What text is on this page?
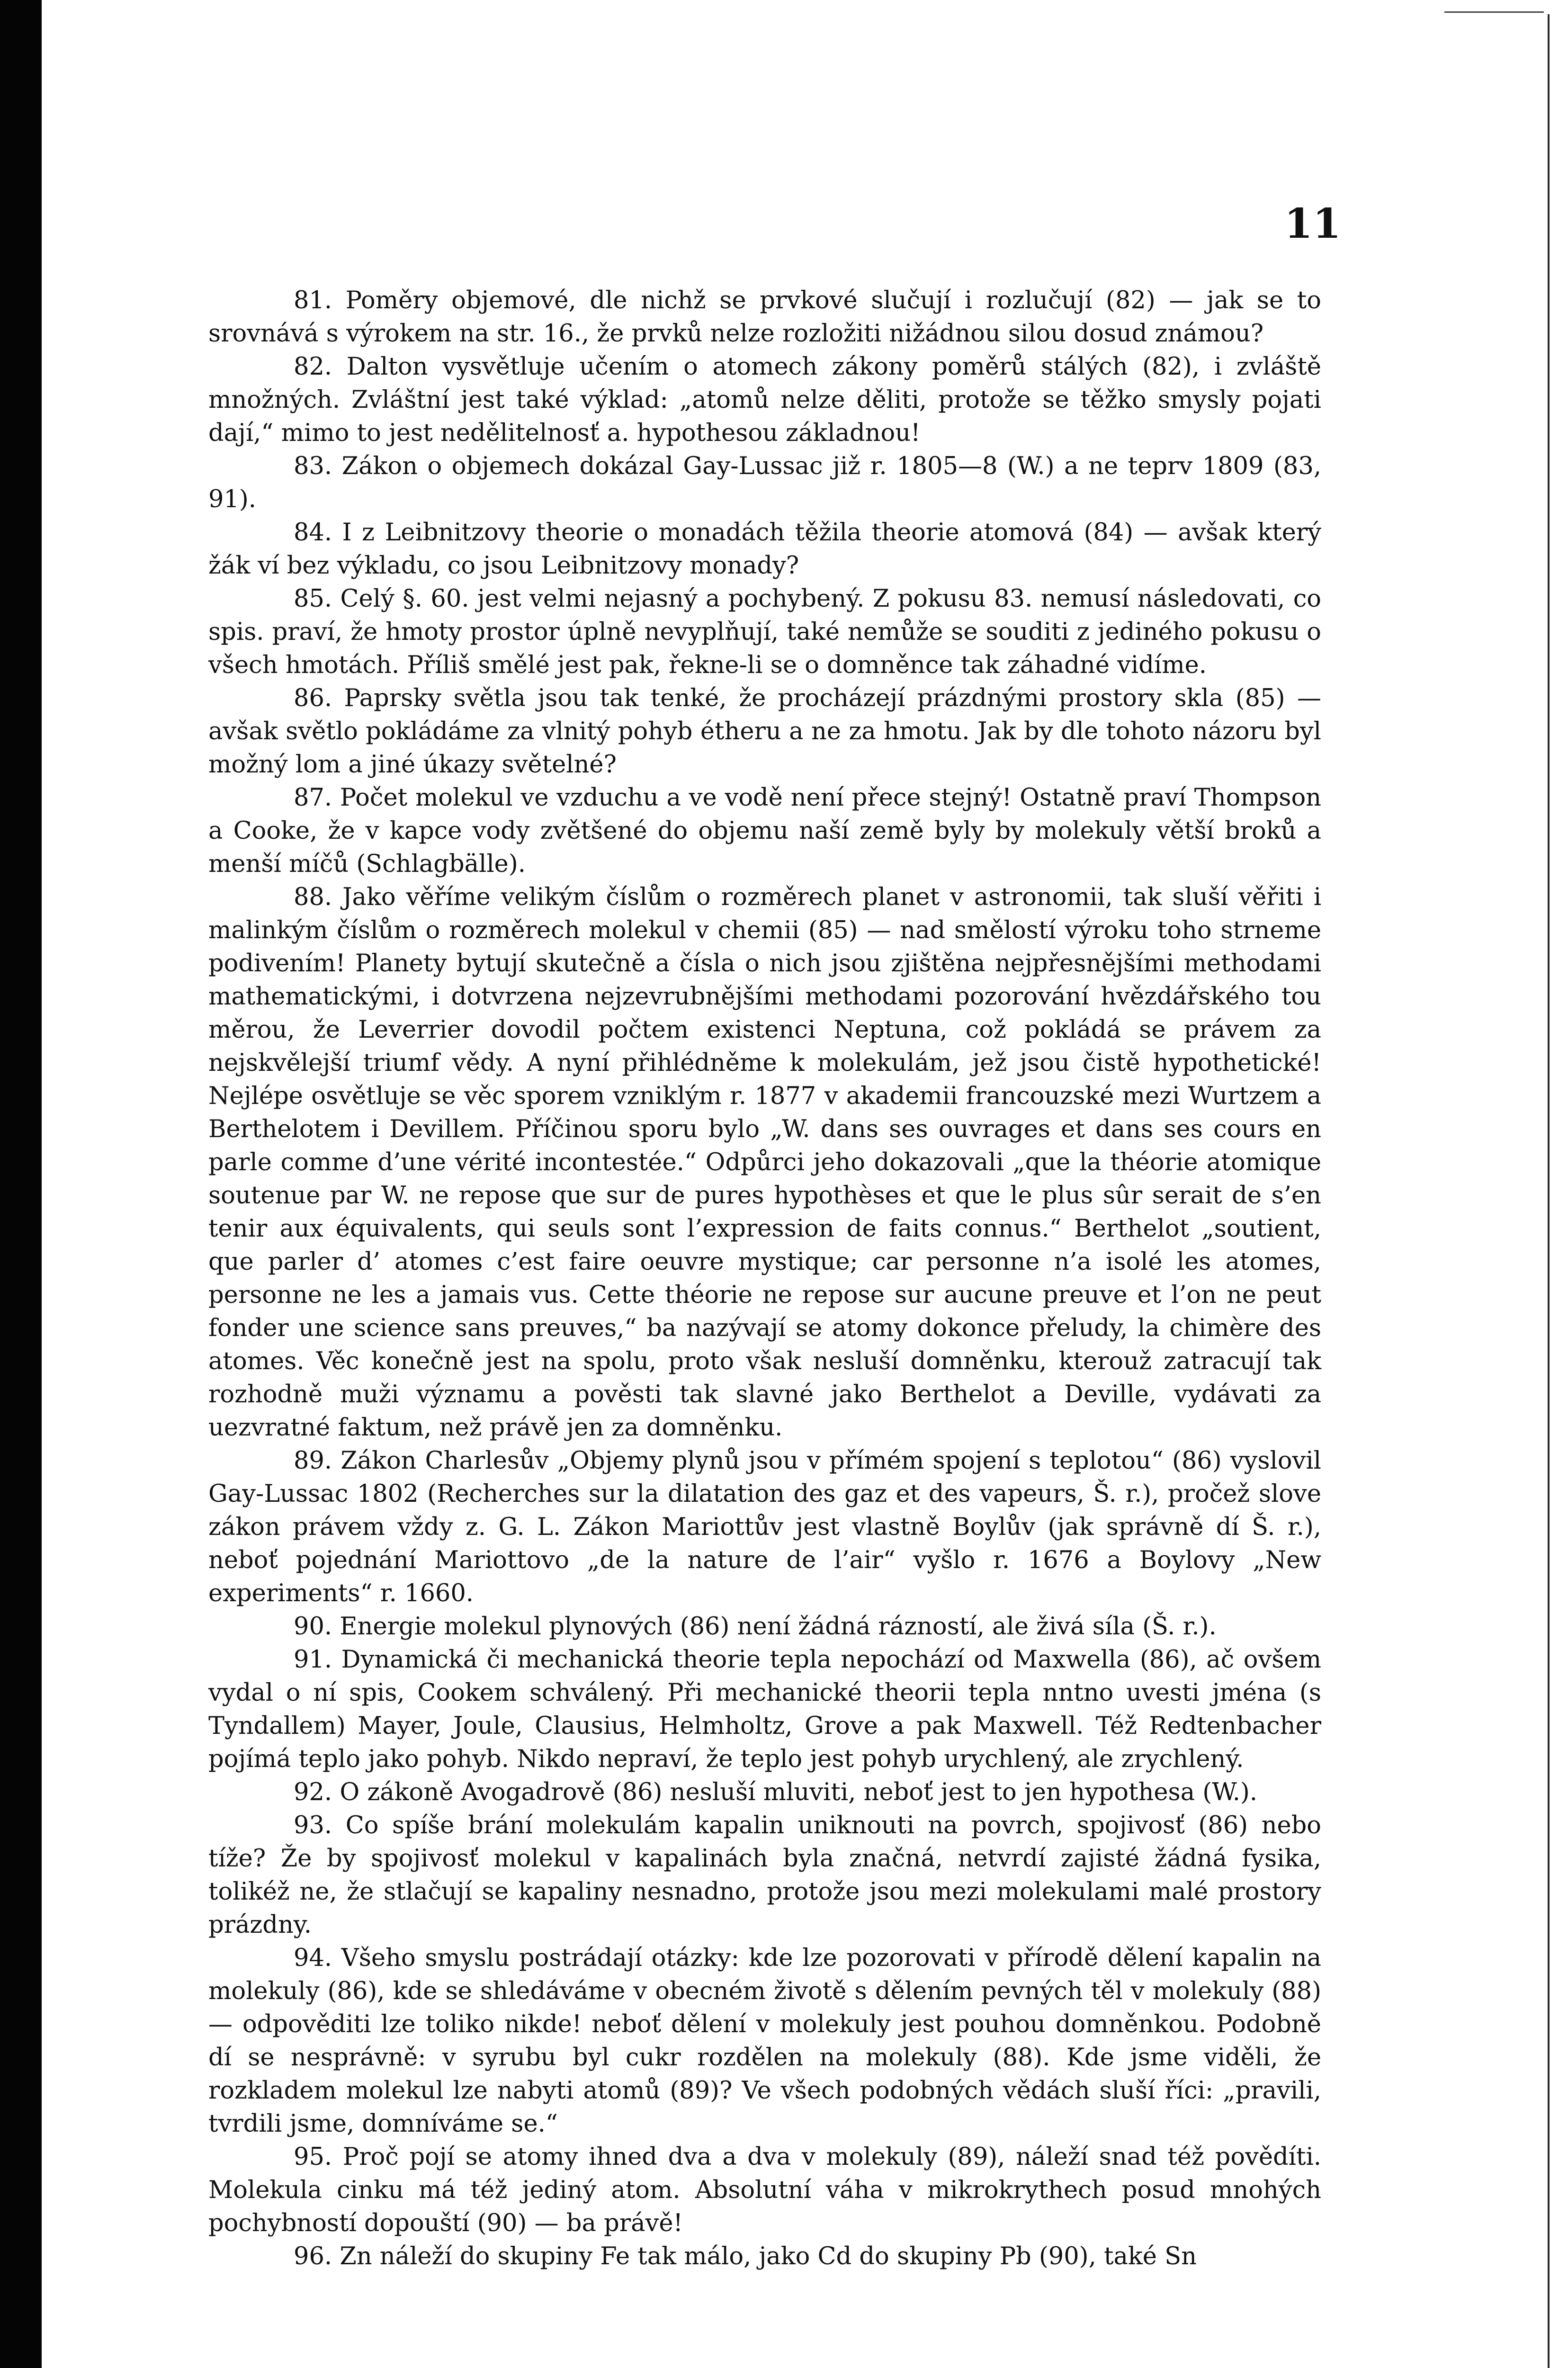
11

81. Poměry objemové, dle nichž se prvkové slučují i rozlučují (82) — jak se to srovnává s výrokem na str. 16., že prvků nelze rozložiti nižádnou silou dosud známou?

82. Dalton vysvětluje učením o atomech zákony poměrů stálých (82), i zvláště množných. Zvláštní jest také výklad: „atomů nelze děliti, protože se těžko smysly pojati dají,“ mimo to jest nedělitelnosť a. hypothesou základnou!

83. Zákon o objemech dokázal Gay-Lussac již r. 1805—8 (W.) a ne teprv 1809 (83, 91).

84. I z Leibnitzovy theorie o monadách těžila theorie atomová (84) — avšak který žák ví bez výkladu, co jsou Leibnitzovy monady?

85. Celý §. 60. jest velmi nejasný a pochybený. Z pokusu 83. nemusí následovati, co spis. praví, že hmoty prostor úplně nevyplňují, také nemůže se souditi z jediného pokusu o všech hmotách. Příliš smělé jest pak, řekne-li se o domněnce tak záhadné vidíme.

86. Paprsky světla jsou tak tenké, že procházejí prázdnými prostory skla (85) — avšak světlo pokládáme za vlnitý pohyb étheru a ne za hmotu. Jak by dle tohoto názoru byl možný lom a jiné úkazy světelné?

87. Počet molekul ve vzduchu a ve vodě není přece stejný! Ostatně praví Thompson a Cooke, že v kapce vody zvětšené do objemu naší země byly by molekuly větší broků a menší míčů (Schlagbälle).

88. Jako věříme velikým číslům o rozměrech planet v astronomii, tak sluší věřiti i malinkým číslům o rozměrech molekul v chemii (85) — nad smělostí výroku toho strneme podivením! Planety bytují skutečně a čísla o nich jsou zjištěna nejpřesnějšími methodami mathematickými, i dotvrzena nejzevrubnějšími methodami pozorování hvězdářského tou měrou, že Leverrier dovodil počtem existenci Neptuna, což pokládá se právem za nejskvělejší triumf vědy. A nyní přihlédněme k molekulám, jež jsou čistě hypothetické! Nejlépe osvětluje se věc sporem vzniklým r. 1877 v akademii francouzské mezi Wurtzem a Berthelotem i Devillem. Příčinou sporu bylo „W. dans ses ouvrages et dans ses cours en parle comme d’une vérité incontestée.“ Odpůrci jeho dokazovali „que la théorie atomique soutenue par W. ne repose que sur de pures hypothèses et que le plus sûr serait de s’en tenir aux équivalents, qui seuls sont l’expression de faits connus.“ Berthelot „soutient, que parler d’ atomes c’est faire oeuvre mystique; car personne n’a isolé les atomes, personne ne les a jamais vus. Cette théorie ne repose sur aucune preuve et l’on ne peut fonder une science sans preuves,“ ba nazývají se atomy dokonce přeludy, la chimère des atomes. Věc konečně jest na spolu, proto však nesluší domněnku, kterouž zatracují tak rozhodně muži významu a pověsti tak slavné jako Berthelot a Deville, vydávati za uezvratné faktum, než právě jen za domněnku.

89. Zákon Charlesův „Objemy plynů jsou v přímém spojení s teplotou“ (86) vyslovil Gay-Lussac 1802 (Recherches sur la dilatation des gaz et des vapeurs, Š. r.), pročež slove zákon právem vždy z. G. L. Zákon Mariottův jest vlastně Boylův (jak správně dí Š. r.), neboť pojednání Mariottovo „de la nature de l’air“ vyšlo r. 1676 a Boylovy „New experiments“ r. 1660.

90. Energie molekul plynových (86) není žádná rázností, ale živá síla (Š. r.).

91. Dynamická či mechanická theorie tepla nepochází od Maxwella (86), ač ovšem vydal o ní spis, Cookem schválený. Při mechanické theorii tepla nntno uvesti jména (s Tyndallem) Mayer, Joule, Clausius, Helmholtz, Grove a pak Maxwell. Též Redtenbacher pojímá teplo jako pohyb. Nikdo nepraví, že teplo jest pohyb urychlený, ale zrychlený.

92. O zákoně Avogadrově (86) nesluší mluviti, neboť jest to jen hypothesa (W.).

93. Co spíše brání molekulám kapalin uniknouti na povrch, spojivosť (86) nebo tíže? Že by spojivosť molekul v kapalinách byla značná, netvrdí zajisté žádná fysika, tolikéž ne, že stlačují se kapaliny nesnadno, protože jsou mezi molekulami malé prostory prázdny.

94. Všeho smyslu postrádají otázky: kde lze pozorovati v přírodě dělení kapalin na molekuly (86), kde se shledáváme v obecném životě s dělením pevných těl v molekuly (88) — odpověditi lze toliko nikde! neboť dělení v molekuly jest pouhou domněnkou. Podobně dí se nesprávně: v syrubu byl cukr rozdělen na molekuly (88). Kde jsme viděli, že rozkladem molekul lze nabyti atomů (89)? Ve všech podobných vědách sluší říci: „pravili, tvrdili jsme, domníváme se.“

95. Proč pojí se atomy ihned dva a dva v molekuly (89), náleží snad též povědíti. Molekula cinku má též jediný atom. Absolutní váha v mikrokrythech posud mnohých pochybností dopouští (90) — ba právě!

96. Zn náleží do skupiny Fe tak málo, jako Cd do skupiny Pb (90), také Sn
